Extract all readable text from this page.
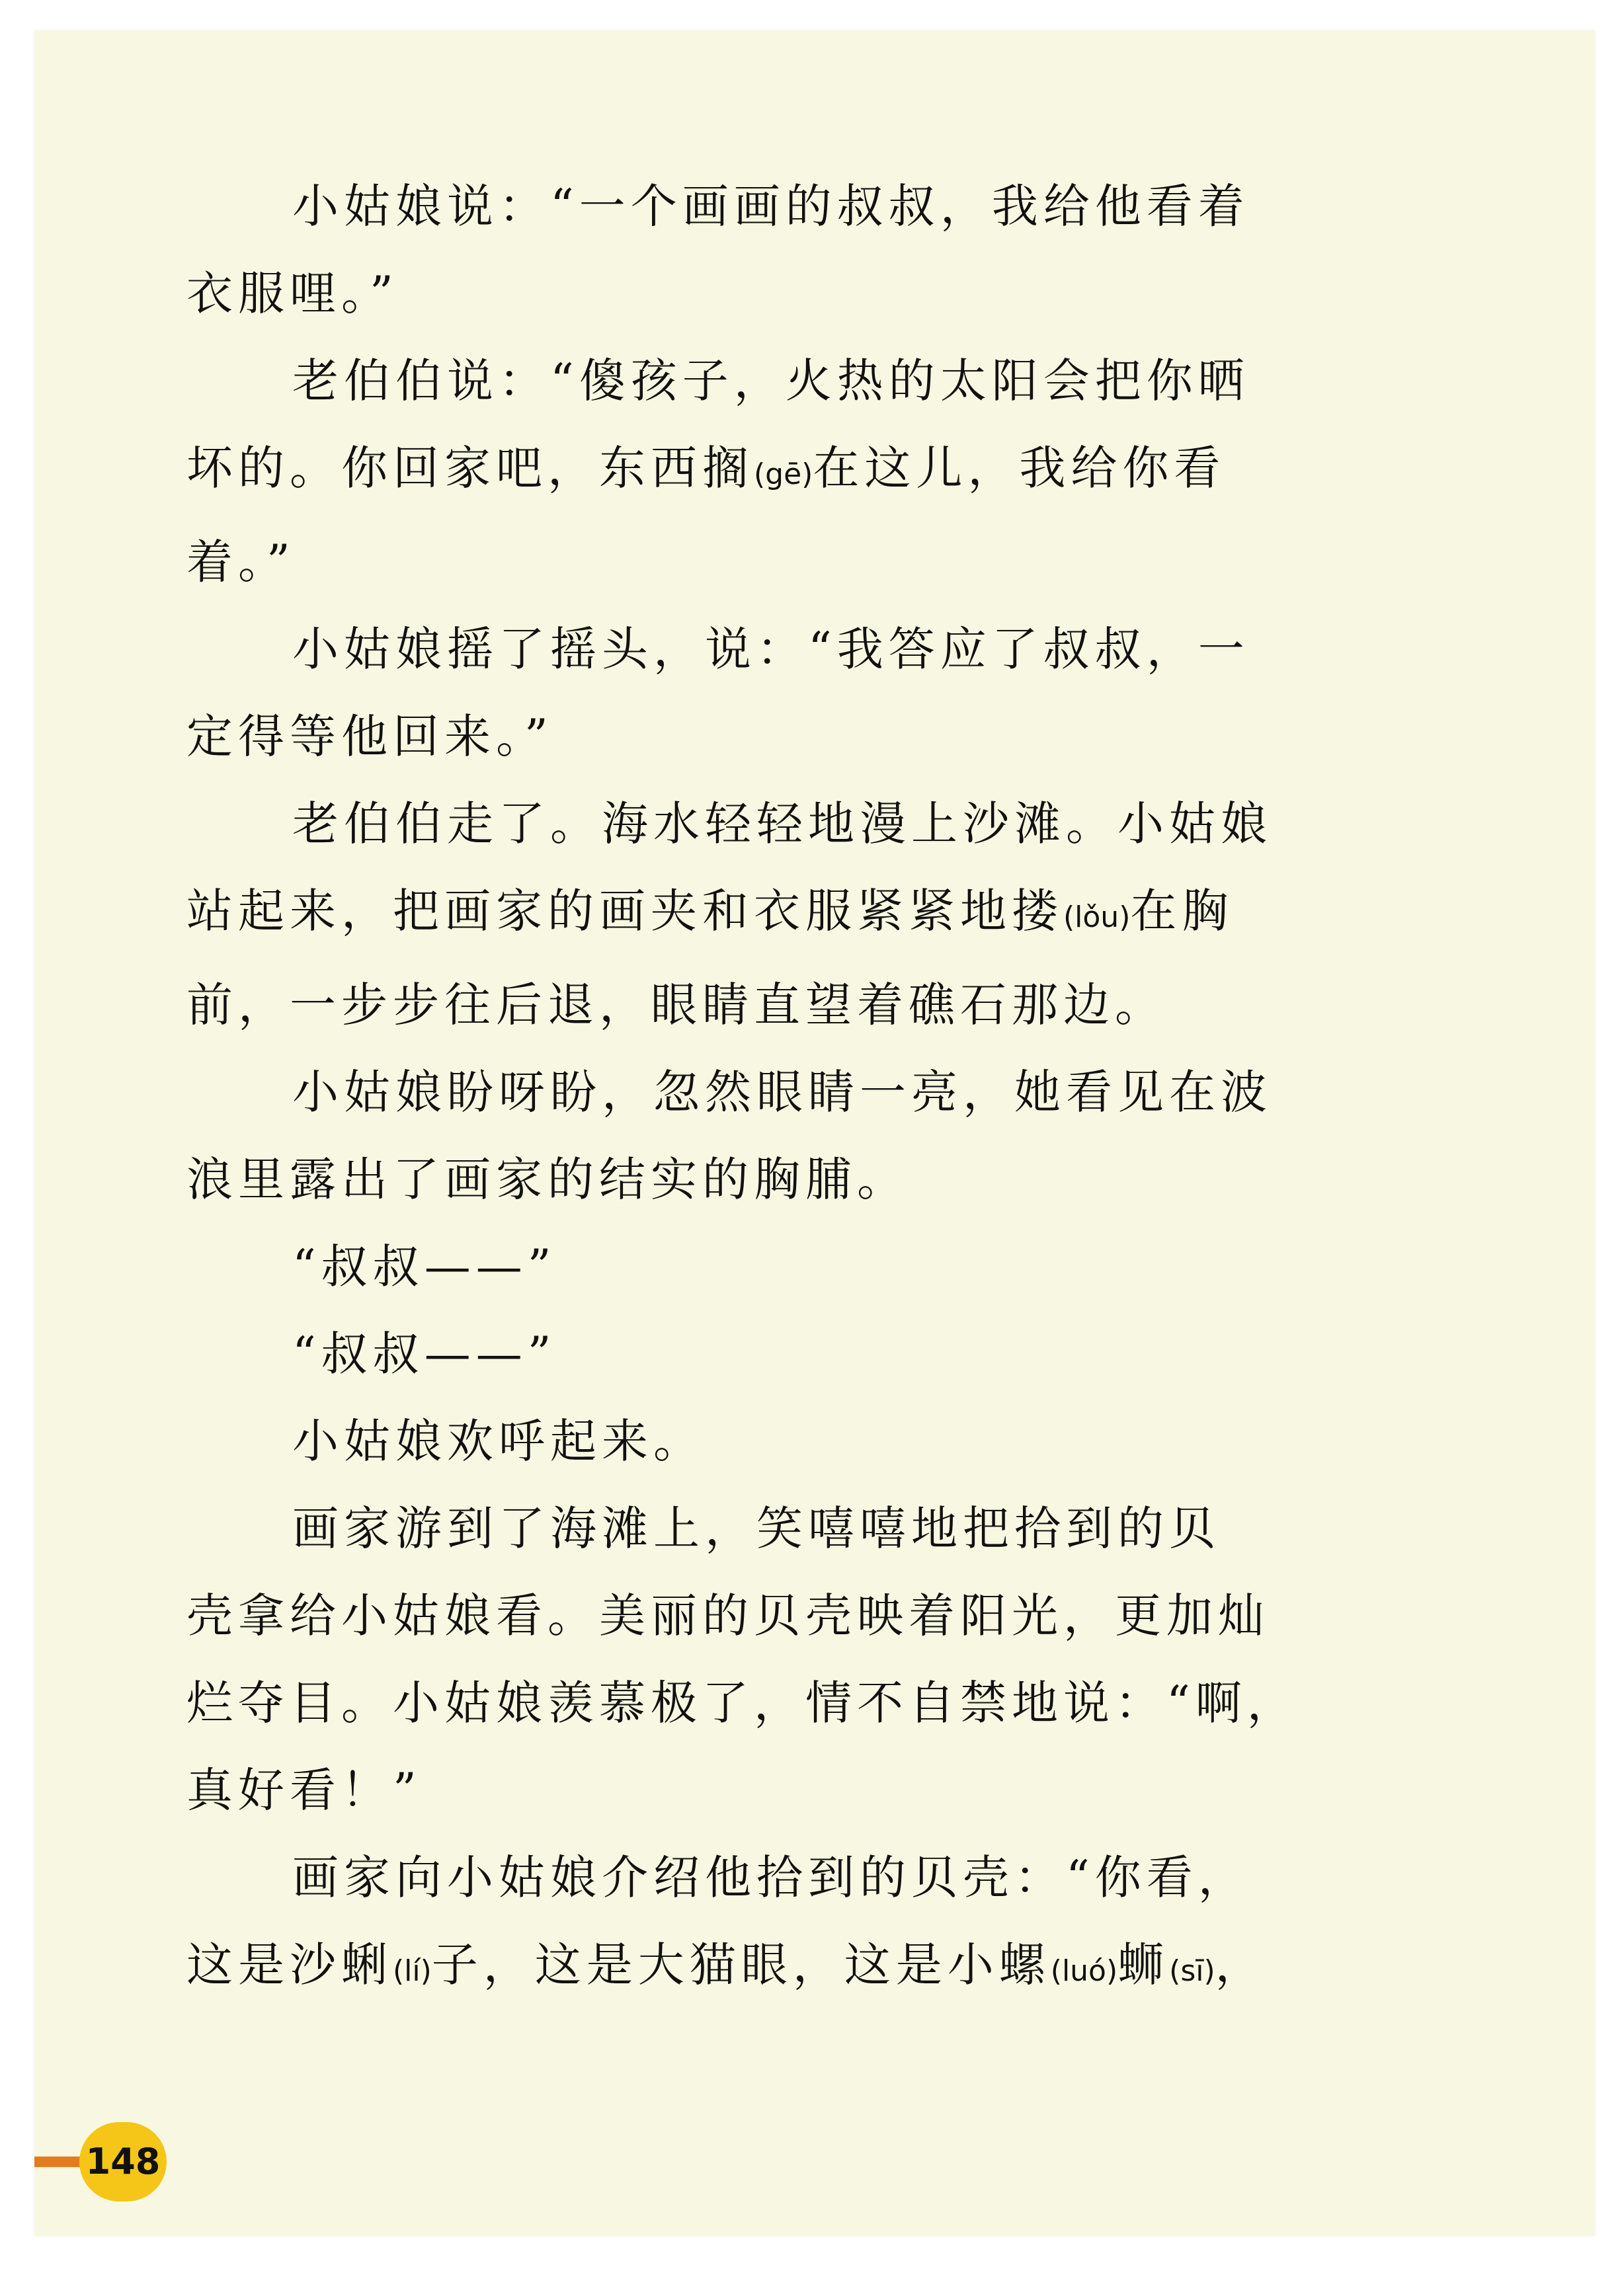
小姑娘说：“一个画画的叔叔，我给他看着
衣服哩。”
老伯伯说：“傻孩子，火热的太阳会把你晒
坏的。你回家吧，东西搁(gē)在这儿，我给你看
着。”
小姑娘摇了摇头，说：“我答应了叔叔，一
定得等他回来。”
老伯伯走了。海水轻轻地漫上沙滩。小姑娘
站起来，把画家的画夹和衣服紧紧地搂(lǒu)在胸
前，一步步往后退，眼睛直望着礁石那边。
小姑娘盼呀盼，忽然眼睛一亮，她看见在波
浪里露出了画家的结实的胸脯。
“叔叔——”
“叔叔——”
小姑娘欢呼起来。
画家游到了海滩上，笑嘻嘻地把拾到的贝
壳拿给小姑娘看。美丽的贝壳映着阳光，更加灿
烂夺目。小姑娘羡慕极了，情不自禁地说：“啊，
真好看！”
画家向小姑娘介绍他拾到的贝壳：“你看，
这是沙蜊(lí)子，这是大猫眼，这是小螺(luó)蛳(sī)，
148
